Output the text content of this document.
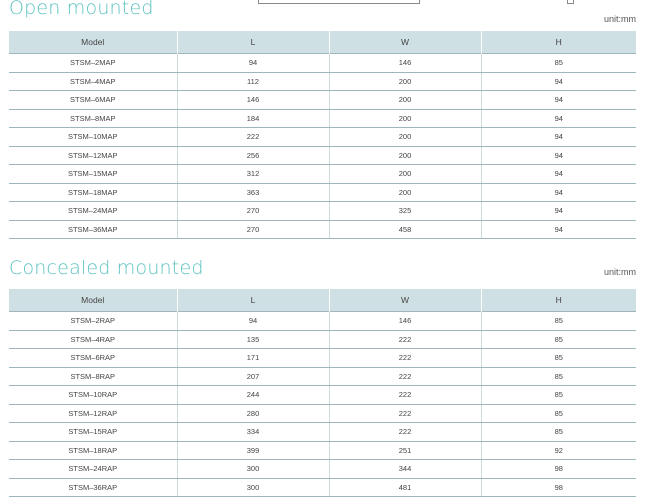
Open mounted	unit:mm
Model	L	W	H
STSM–2MAP	94	146	85
STSM–4MAP	112	200	94
STSM–6MAP	146	200	94
STSM–8MAP	184	200	94
STSM–10MAP	222	200	94
STSM–12MAP	256	200	94
STSM–15MAP	312	200	94
STSM–18MAP	363	200	94
STSM–24MAP	270	325	94
STSM–36MAP	270	458	94
Concealed mounted	unit:mm
Model	L	W	H
STSM–2RAP	94	146	85
STSM–4RAP	135	222	85
STSM–6RAP	171	222	85
STSM–8RAP	207	222	85
STSM–10RAP	244	222	85
STSM–12RAP	280	222	85
STSM–15RAP	334	222	85
STSM–18RAP	399	251	92
STSM–24RAP	300	344	98
STSM–36RAP	300	481	98
